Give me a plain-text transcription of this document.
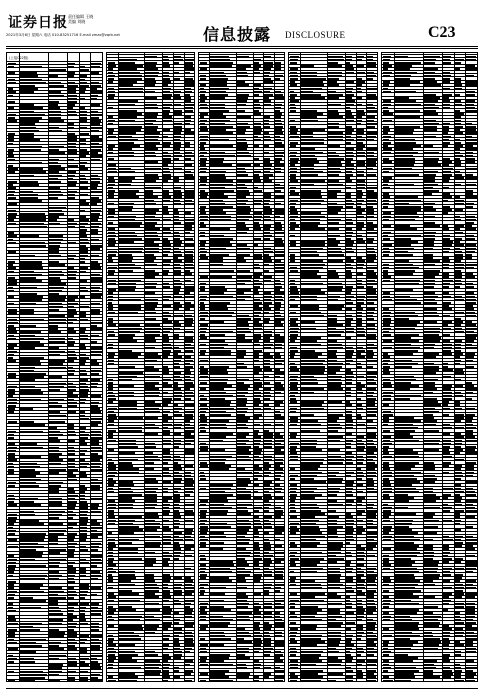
证券日报 责任编辑 王晓
美编 刘晓
2021年3月6日 星期六 电话 010-83251716 E-mail zmzx@zqrb.net	信息披露 DISCLOSURE	C23
(上接C22版)
